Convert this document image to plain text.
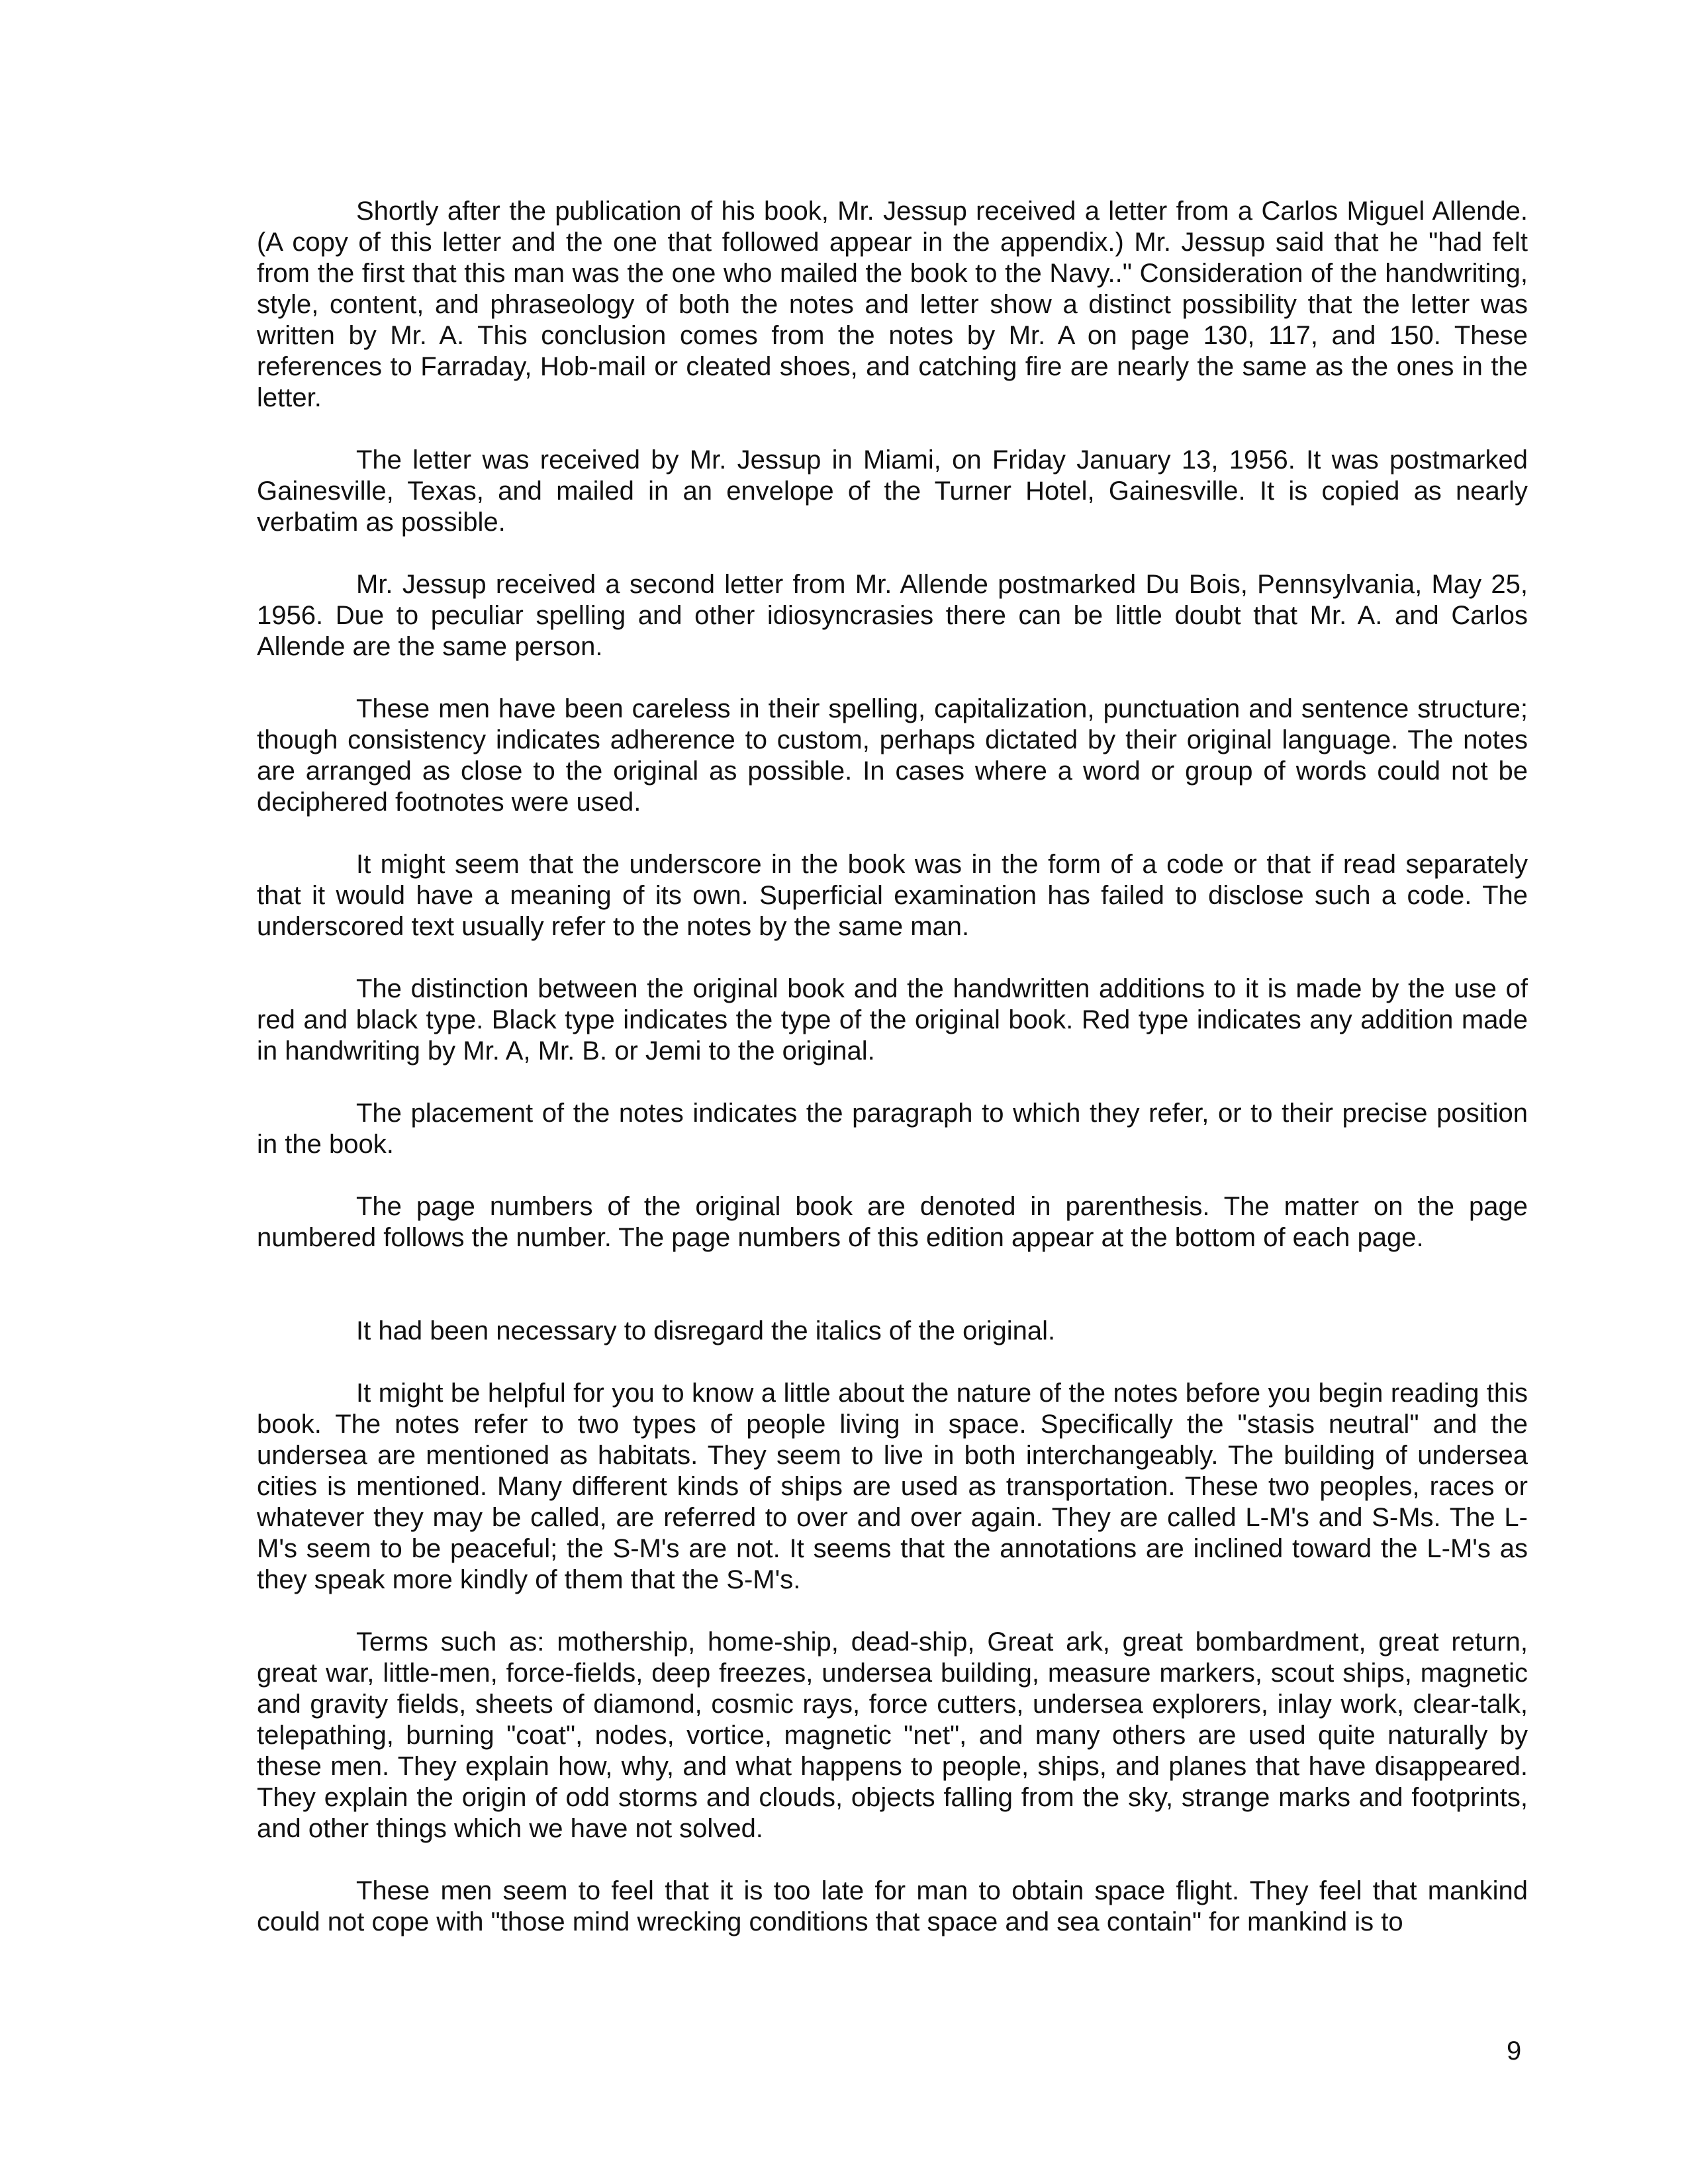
Shortly after the publication of his book, Mr. Jessup received a letter from a Carlos Miguel Allende. (A copy of this letter and the one that followed appear in the appendix.) Mr. Jessup said that he "had felt from the first that this man was the one who mailed the book to the Navy.." Consideration of the handwriting, style, content, and phraseology of both the notes and letter show a distinct possibility that the letter was written by Mr. A. This conclusion comes from the notes by Mr. A on page 130, 117, and 150. These references to Farraday, Hob-mail or cleated shoes, and catching fire are nearly the same as the ones in the letter.

The letter was received by Mr. Jessup in Miami, on Friday January 13, 1956. It was postmarked Gainesville, Texas, and mailed in an envelope of the Turner Hotel, Gainesville. It is copied as nearly verbatim as possible.

Mr. Jessup received a second letter from Mr. Allende postmarked Du Bois, Pennsylvania, May 25, 1956. Due to peculiar spelling and other idiosyncrasies there can be little doubt that Mr. A. and Carlos Allende are the same person.

These men have been careless in their spelling, capitalization, punctuation and sentence structure; though consistency indicates adherence to custom, perhaps dictated by their original language. The notes are arranged as close to the original as possible. In cases where a word or group of words could not be deciphered footnotes were used.

It might seem that the underscore in the book was in the form of a code or that if read separately that it would have a meaning of its own. Superficial examination has failed to disclose such a code. The underscored text usually refer to the notes by the same man.

The distinction between the original book and the handwritten additions to it is made by the use of red and black type. Black type indicates the type of the original book. Red type indicates any addition made in handwriting by Mr. A, Mr. B. or Jemi to the original.

The placement of the notes indicates the paragraph to which they refer, or to their precise position in the book.

The page numbers of the original book are denoted in parenthesis. The matter on the page numbered follows the number. The page numbers of this edition appear at the bottom of each page.

It had been necessary to disregard the italics of the original.

It might be helpful for you to know a little about the nature of the notes before you begin reading this book. The notes refer to two types of people living in space. Specifically the "stasis neutral" and the undersea are mentioned as habitats. They seem to live in both interchangeably. The building of undersea cities is mentioned. Many different kinds of ships are used as transportation. These two peoples, races or whatever they may be called, are referred to over and over again. They are called L-M's and S-Ms. The L-M's seem to be peaceful; the S-M's are not. It seems that the annotations are inclined toward the L-M's as they speak more kindly of them that the S-M's.

Terms such as: mothership, home-ship, dead-ship, Great ark, great bombardment, great return, great war, little-men, force-fields, deep freezes, undersea building, measure markers, scout ships, magnetic and gravity fields, sheets of diamond, cosmic rays, force cutters, undersea explorers, inlay work, clear-talk, telepathing, burning "coat", nodes, vortice, magnetic "net", and many others are used quite naturally by these men. They explain how, why, and what happens to people, ships, and planes that have disappeared. They explain the origin of odd storms and clouds, objects falling from the sky, strange marks and footprints, and other things which we have not solved.

These men seem to feel that it is too late for man to obtain space flight. They feel that mankind could not cope with "those mind wrecking conditions that space and sea contain" for mankind is to

9
